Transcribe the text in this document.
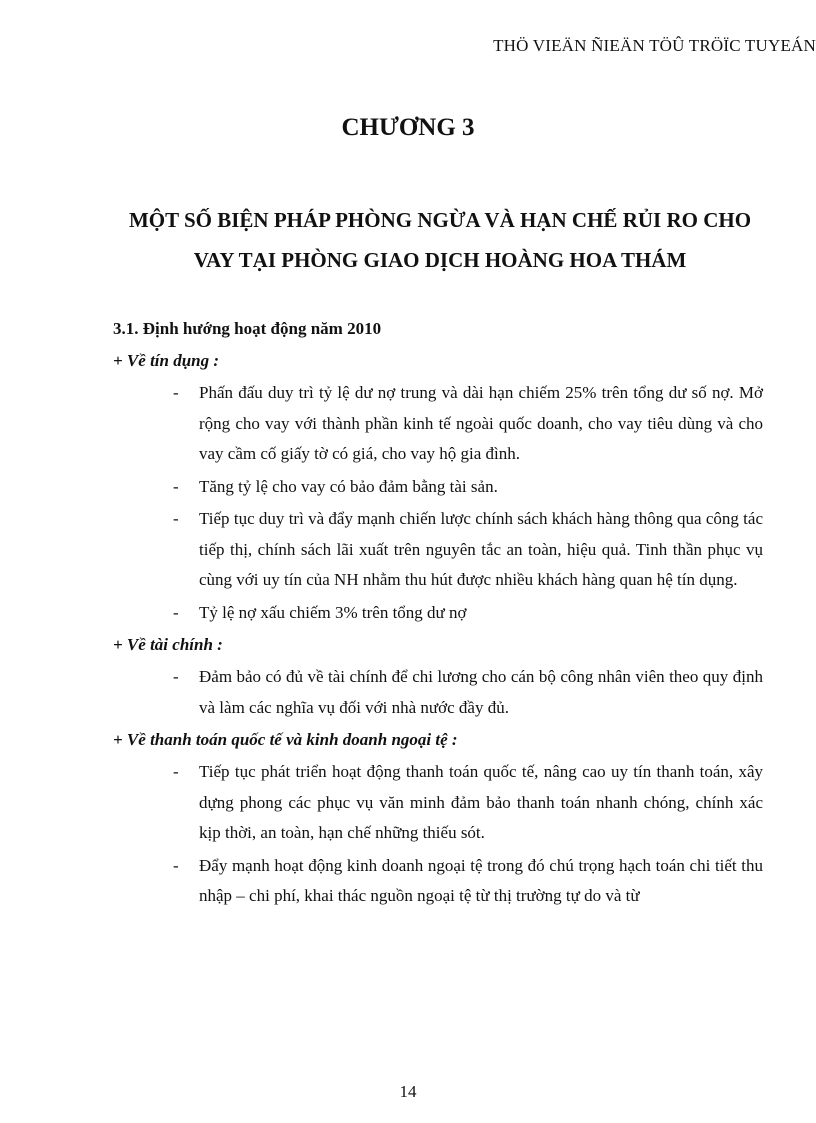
THÖ VIEÄN ÑIEÄN TÖÛ TRÖÏC TUYEÁN
CHƯƠNG 3
MỘT SỐ BIỆN PHÁP PHÒNG NGỪA VÀ HẠN CHẾ RỦI RO CHO
VAY TẠI PHÒNG GIAO DỊCH HOÀNG HOA THÁM
3.1. Định hướng hoạt động năm 2010
+ Về tín dụng :
- Phấn đấu duy trì tỷ lệ dư nợ trung và dài hạn chiếm 25% trên tổng dư số nợ. Mở rộng cho vay với thành phần kinh tế ngoài quốc doanh, cho vay tiêu dùng và cho vay cầm cố giấy tờ có giá, cho vay hộ gia đình.
- Tăng tỷ lệ cho vay có bảo đảm bằng tài sản.
- Tiếp tục duy trì và đẩy mạnh chiến lược chính sách khách hàng thông qua công tác tiếp thị, chính sách lãi xuất trên nguyên tắc an toàn, hiệu quả. Tinh thần phục vụ cùng với uy tín của NH nhằm thu hút được nhiều khách hàng quan hệ tín dụng.
- Tỷ lệ nợ xấu chiếm 3% trên tổng dư nợ
+ Về tài chính :
- Đảm bảo có đủ về tài chính để chi lương cho cán bộ công nhân viên theo quy định và làm các nghĩa vụ đối với nhà nước đầy đủ.
+ Về thanh toán quốc tế và kinh doanh ngoại tệ :
- Tiếp tục phát triển hoạt động thanh toán quốc tế, nâng cao uy tín thanh toán, xây dựng phong các phục vụ văn minh đảm bảo thanh toán nhanh chóng, chính xác kịp thời, an toàn, hạn chế những thiếu sót.
- Đẩy mạnh hoạt động kinh doanh ngoại tệ trong đó chú trọng hạch toán chi tiết thu nhập – chi phí, khai thác nguồn ngoại tệ từ thị trường tự do và từ
14
